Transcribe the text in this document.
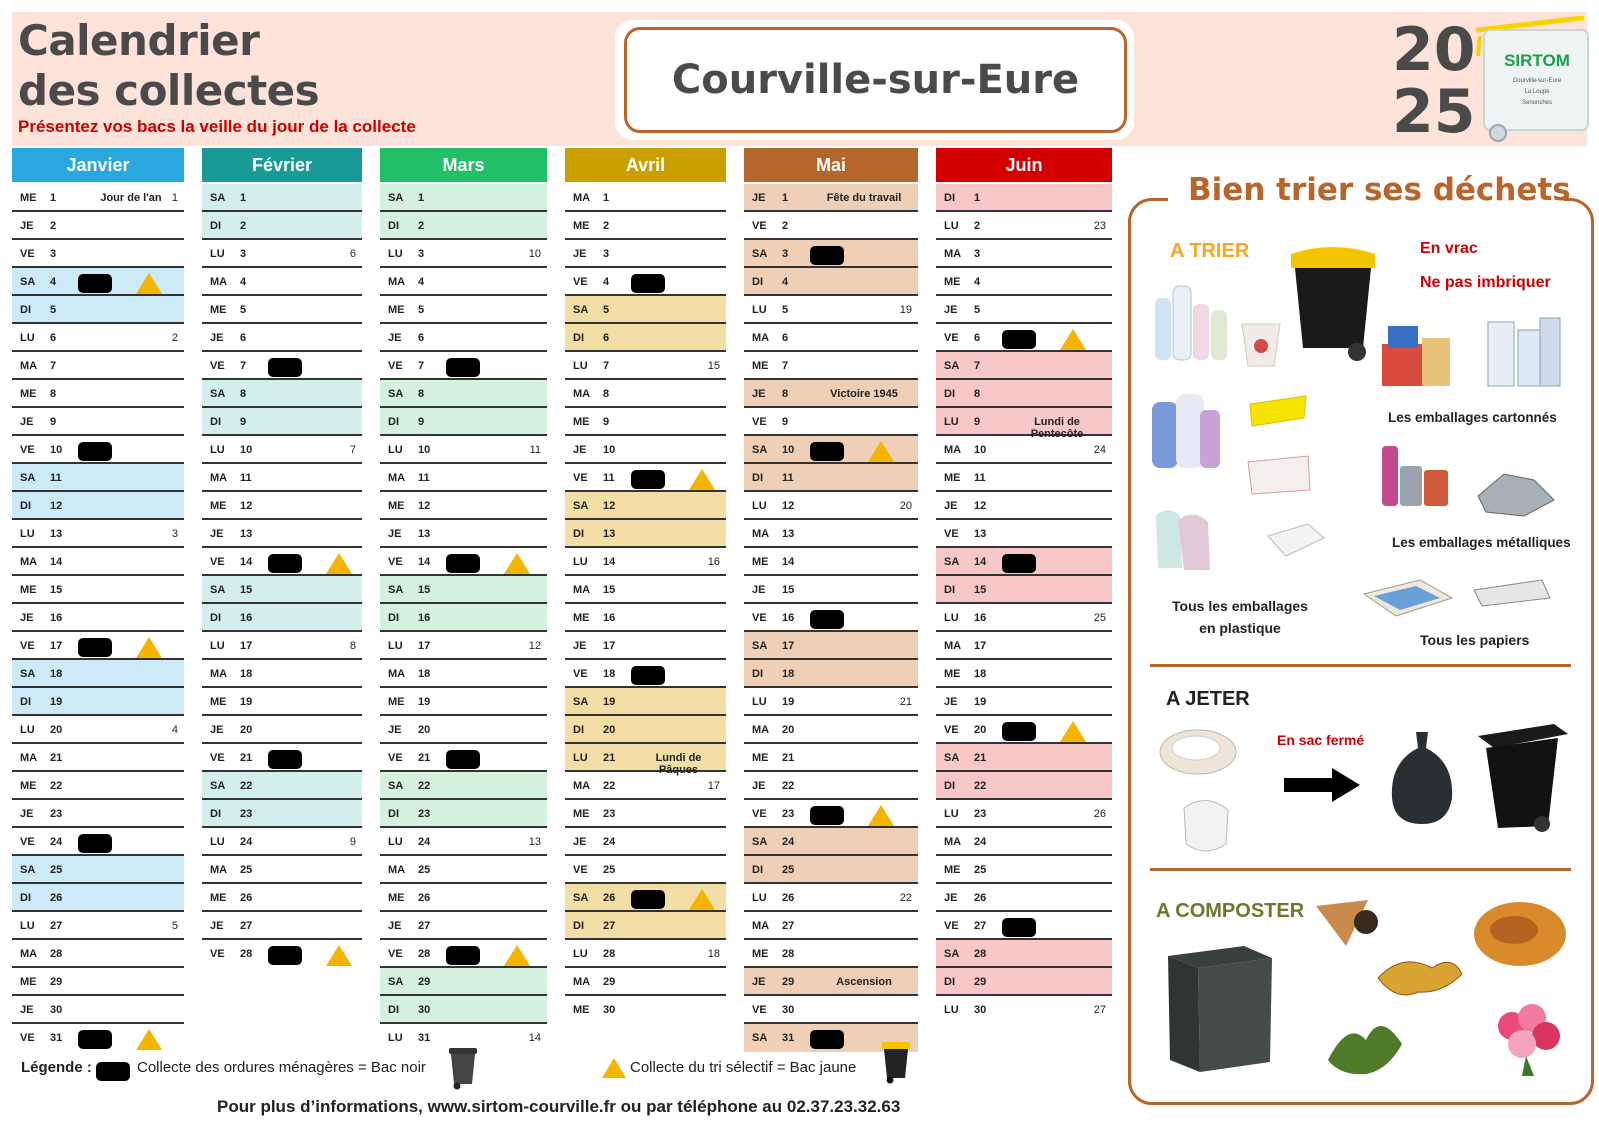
Calendrier
des collectes
Présentez vos bacs la veille du jour de la collecte
Courville-sur-Eure	20
25
SIRTOM
Courville-sur-Eure
La Loupe
Senonches
Janvier
ME 1	Jour de l'an 1
JE 2
VE 3
SA 4
DI 5
LU 6	2
MA 7
ME 8
JE 9
VE 10
SA 11
DI 12
LU 13	3
MA 14
ME 15
JE 16
VE 17
SA 18
DI 19
LU 20	4
MA 21
ME 22
JE 23
VE 24
SA 25
DI 26
LU 27	5
MA 28
ME 29
JE 30
VE 31
Février
SA 1
DI 2
LU 3	6
MA 4
ME 5
JE 6
VE 7
SA 8
DI 9
LU 10	7
MA 11
ME 12
JE 13
VE 14
SA 15
DI 16
LU 17	8
MA 18
ME 19
JE 20
VE 21
SA 22
DI 23
LU 24	9
MA 25
ME 26
JE 27
VE 28
Mars
SA 1
DI 2
LU 3	10
MA 4
ME 5
JE 6
VE 7
SA 8
DI 9
LU 10	11
MA 11
ME 12
JE 13
VE 14
SA 15
DI 16
LU 17	12
MA 18
ME 19
JE 20
VE 21
SA 22
DI 23
LU 24	13
MA 25
ME 26
JE 27
VE 28
SA 29
DI 30
LU 31	14
Avril
MA 1
ME 2
JE 3
VE 4
SA 5
DI 6
LU 7	15
MA 8
ME 9
JE 10
VE 11
SA 12
DI 13
LU 14	16
MA 15
ME 16
JE 17
VE 18
SA 19
DI 20
LU 21	Lundi de Pâques
MA 22	17
ME 23
JE 24
VE 25
SA 26
DI 27
LU 28	18
MA 29
ME 30
Mai
JE 1	Fête du travail
VE 2
SA 3
DI 4
LU 5	19
MA 6
ME 7
JE 8	Victoire 1945
VE 9
SA 10
DI 11
LU 12	20
MA 13
ME 14
JE 15
VE 16
SA 17
DI 18
LU 19	21
MA 20
ME 21
JE 22
VE 23
SA 24
DI 25
LU 26	22
MA 27
ME 28
JE 29	Ascension
VE 30
SA 31
Juin
DI 1
LU 2	23
MA 3
ME 4
JE 5
VE 6
SA 7
DI 8
LU 9	Lundi de Pentecôte
MA 10	24
ME 11
JE 12
VE 13
SA 14
DI 15
LU 16	25
MA 17
ME 18
JE 19
VE 20
SA 21
DI 22
LU 23	26
MA 24
ME 25
JE 26
VE 27
SA 28
DI 29
LU 30	27
Légende :	Collecte des ordures ménagères = Bac noir	Collecte du tri sélectif = Bac jaune
Pour plus d’informations, www.sirtom-courville.fr ou par téléphone au 02.37.23.32.63
Bien trier ses déchets
A TRIER	En vrac
Ne pas imbriquer
Les emballages cartonnés
Les emballages métalliques
Tous les emballages
en plastique
Tous les papiers
A JETER
En sac fermé
A COMPOSTER
